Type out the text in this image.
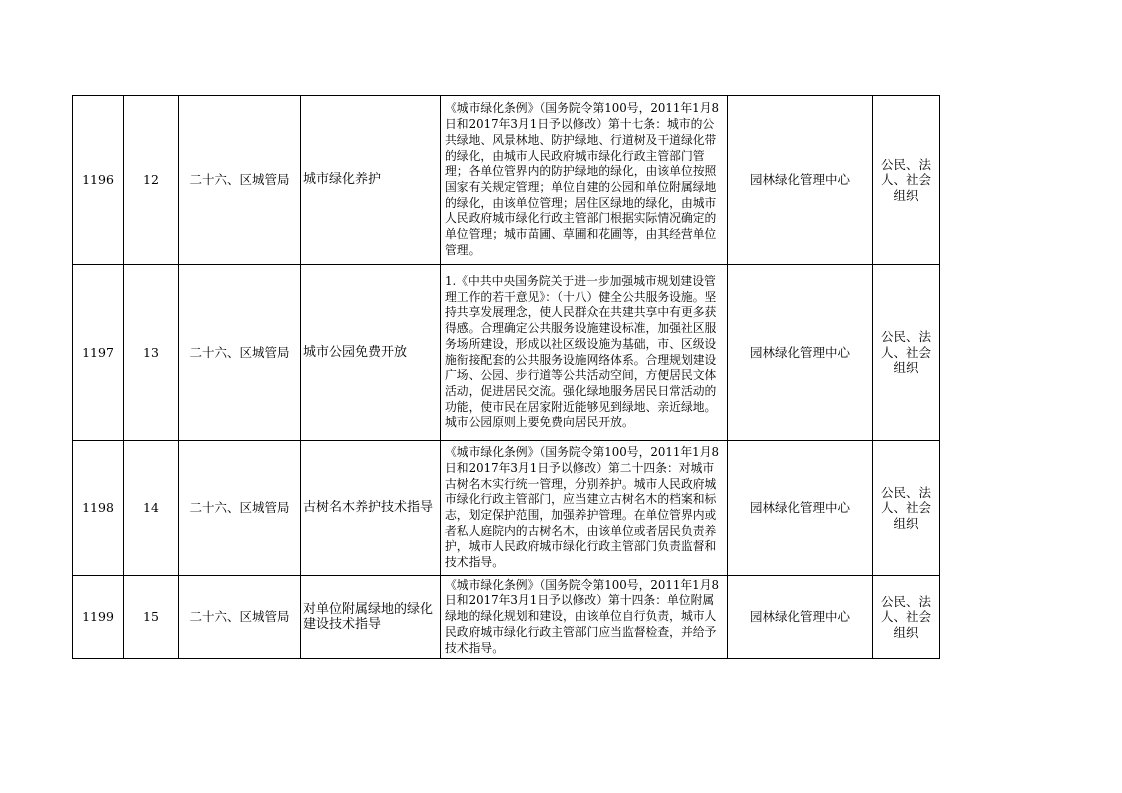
1196	12	二十六、区城管局	城市绿化养护	《城市绿化条例》（国务院令第100号，2011年1月8日和2017年3月1日予以修改）第十七条：城市的公共绿地、风景林地、防护绿地、行道树及干道绿化带的绿化，由城市人民政府城市绿化行政主管部门管理；各单位管界内的防护绿地的绿化，由该单位按照国家有关规定管理；单位自建的公园和单位附属绿地的绿化，由该单位管理；居住区绿地的绿化，由城市人民政府城市绿化行政主管部门根据实际情况确定的单位管理；城市苗圃、草圃和花圃等，由其经营单位管理。	园林绿化管理中心	公民、法人、社会组织
1197	13	二十六、区城管局	城市公园免费开放	1.《中共中央国务院关于进一步加强城市规划建设管理工作的若干意见》：（十八）健全公共服务设施。坚持共享发展理念，使人民群众在共建共享中有更多获得感。合理确定公共服务设施建设标准，加强社区服务场所建设，形成以社区级设施为基础，市、区级设施衔接配套的公共服务设施网络体系。合理规划建设广场、公园、步行道等公共活动空间，方便居民文体活动，促进居民交流。强化绿地服务居民日常活动的功能，使市民在居家附近能够见到绿地、亲近绿地。城市公园原则上要免费向居民开放。	园林绿化管理中心	公民、法人、社会组织
1198	14	二十六、区城管局	古树名木养护技术指导	《城市绿化条例》（国务院令第100号，2011年1月8日和2017年3月1日予以修改）第二十四条：对城市古树名木实行统一管理，分别养护。城市人民政府城市绿化行政主管部门，应当建立古树名木的档案和标志，划定保护范围，加强养护管理。在单位管界内或者私人庭院内的古树名木，由该单位或者居民负责养护，城市人民政府城市绿化行政主管部门负责监督和技术指导。	园林绿化管理中心	公民、法人、社会组织
1199	15	二十六、区城管局	对单位附属绿地的绿化建设技术指导	《城市绿化条例》（国务院令第100号，2011年1月8日和2017年3月1日予以修改）第十四条：单位附属绿地的绿化规划和建设，由该单位自行负责，城市人民政府城市绿化行政主管部门应当监督检查，并给予技术指导。	园林绿化管理中心	公民、法人、社会组织
